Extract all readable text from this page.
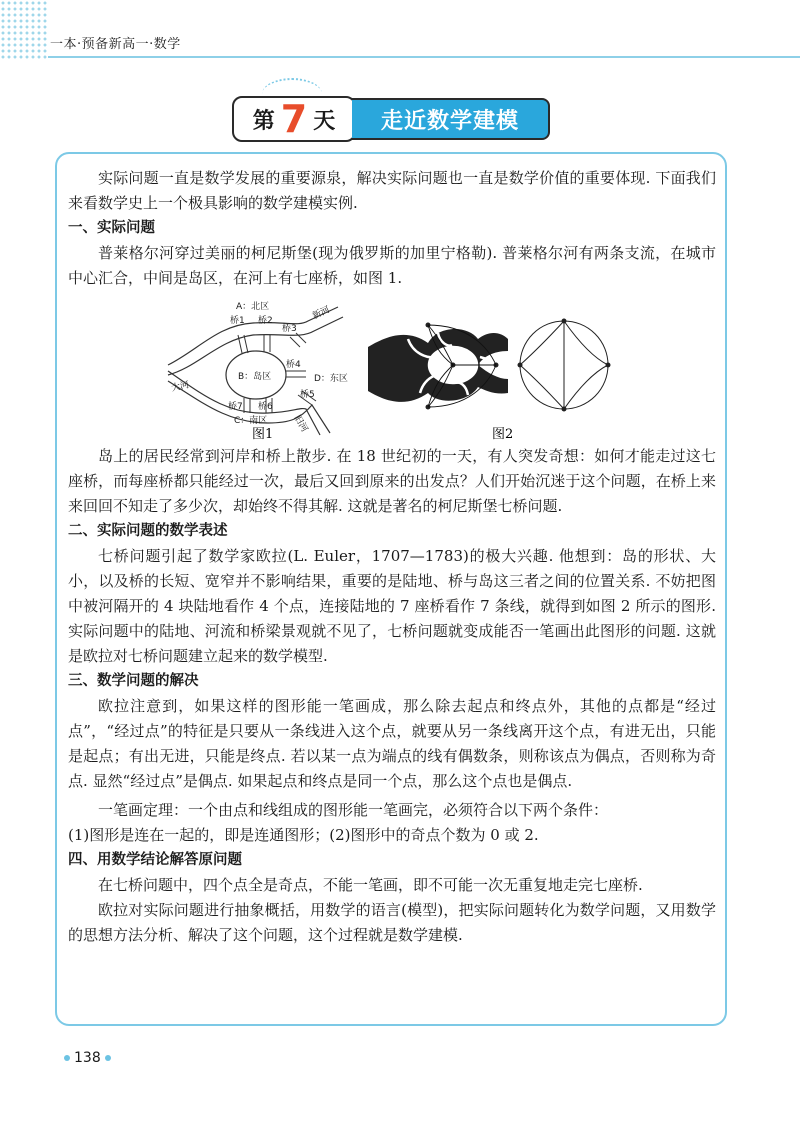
一本·预备新高一·数学
第 7 天	走近数学建模

实际问题一直是数学发展的重要源泉，解决实际问题也一直是数学价值的重要体现. 下面我们来看数学史上一个极具影响的数学建模实例.

一、实际问题

普莱格尔河穿过美丽的柯尼斯堡(现为俄罗斯的加里宁格勒). 普莱格尔河有两条支流，在城市中心汇合，中间是岛区，在河上有七座桥，如图 1.

A：北区
桥1 桥2
桥3
新河
B：岛区
桥4
D：东区
大河
桥5
桥7 桥6
旧河
C：南区
图1	图2

岛上的居民经常到河岸和桥上散步. 在 18 世纪初的一天，有人突发奇想：如何才能走过这七座桥，而每座桥都只能经过一次，最后又回到原来的出发点？人们开始沉迷于这个问题，在桥上来来回回不知走了多少次，却始终不得其解. 这就是著名的柯尼斯堡七桥问题.

二、实际问题的数学表述

七桥问题引起了数学家欧拉(L. Euler，1707—1783)的极大兴趣. 他想到：岛的形状、大小，以及桥的长短、宽窄并不影响结果，重要的是陆地、桥与岛这三者之间的位置关系. 不妨把图中被河隔开的 4 块陆地看作 4 个点，连接陆地的 7 座桥看作 7 条线，就得到如图 2 所示的图形. 实际问题中的陆地、河流和桥梁景观就不见了，七桥问题就变成能否一笔画出此图形的问题. 这就是欧拉对七桥问题建立起来的数学模型.

三、数学问题的解决

欧拉注意到，如果这样的图形能一笔画成，那么除去起点和终点外，其他的点都是“经过点”，“经过点”的特征是只要从一条线进入这个点，就要从另一条线离开这个点，有进无出，只能是起点；有出无进，只能是终点. 若以某一点为端点的线有偶数条，则称该点为偶点，否则称为奇点. 显然“经过点”是偶点. 如果起点和终点是同一个点，那么这个点也是偶点.

一笔画定理：一个由点和线组成的图形能一笔画完，必须符合以下两个条件：

(1)图形是连在一起的，即是连通图形；(2)图形中的奇点个数为 0 或 2.

四、用数学结论解答原问题

在七桥问题中，四个点全是奇点，不能一笔画，即不可能一次无重复地走完七座桥.

欧拉对实际问题进行抽象概括，用数学的语言(模型)，把实际问题转化为数学问题，又用数学的思想方法分析、解决了这个问题，这个过程就是数学建模.

138
